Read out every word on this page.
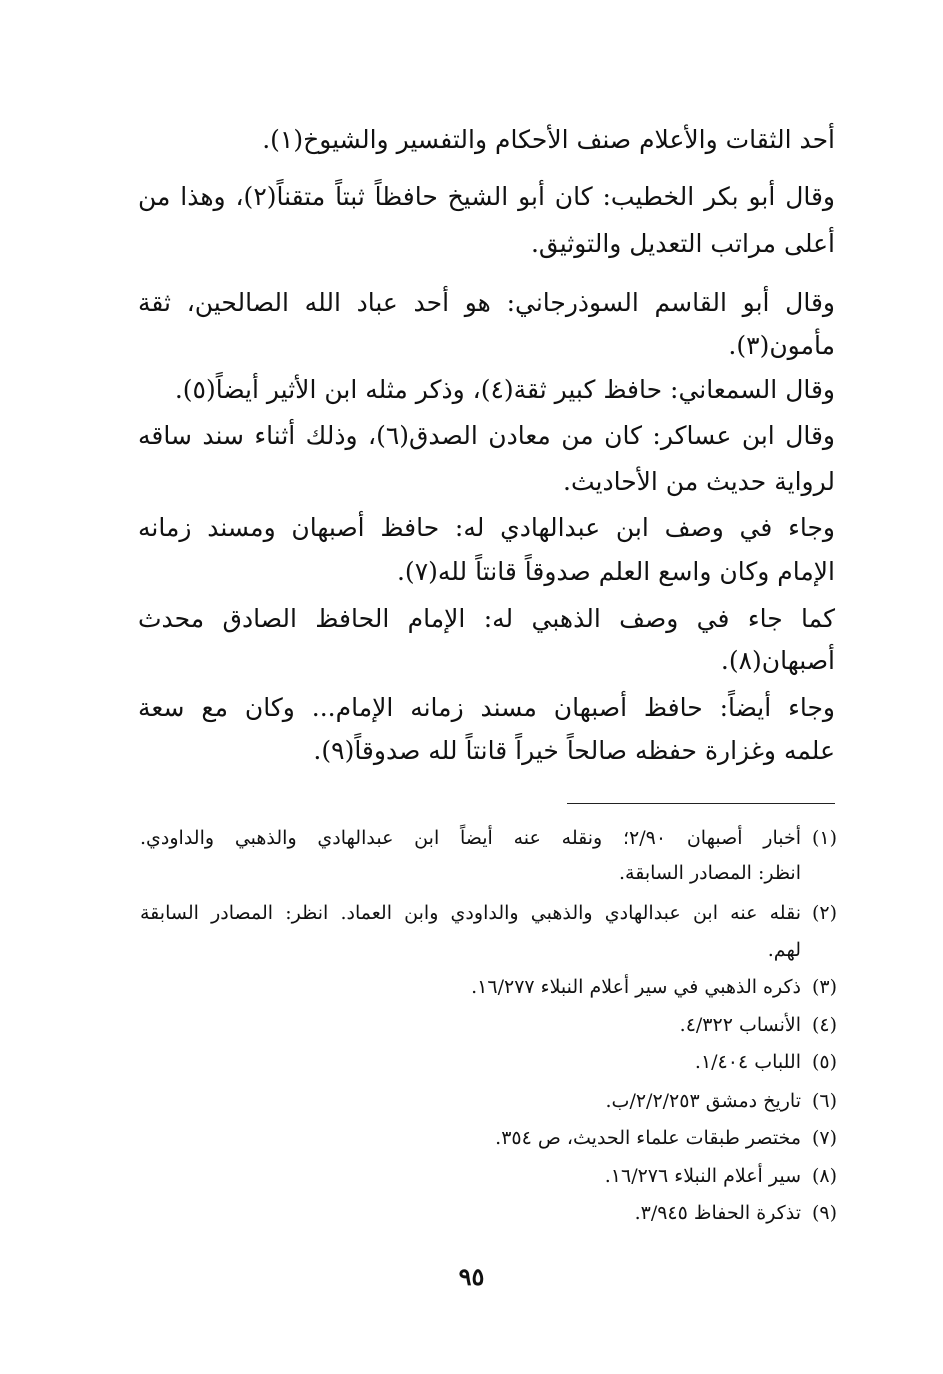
أحد الثقات والأعلام صنف الأحكام والتفسير والشيوخ(١).
وقال أبو بكر الخطيب: كان أبو الشيخ حافظاً ثبتاً متقناً(٢)، وهذا من
أعلى مراتب التعديل والتوثيق.
وقال أبو القاسم السوذرجاني: هو أحد عباد الله الصالحين، ثقة
مأمون(٣).
وقال السمعاني: حافظ كبير ثقة(٤)، وذكر مثله ابن الأثير أيضاً(٥).
وقال ابن عساكر: كان من معادن الصدق(٦)، وذلك أثناء سند ساقه
لرواية حديث من الأحاديث.
وجاء في وصف ابن عبدالهادي له: حافظ أصبهان ومسند زمانه
الإمام وكان واسع العلم صدوقاً قانتاً لله(٧).
كما جاء في وصف الذهبي له: الإمام الحافظ الصادق محدث
أصبهان(٨).
وجاء أيضاً: حافظ أصبهان مسند زمانه الإمام... وكان مع سعة
علمه وغزارة حفظه صالحاً خيراً قانتاً لله صدوقاً(٩).
(١)أخبار أصبهان ٢/٩٠؛ ونقله عنه أيضاً ابن عبدالهادي والذهبي والداودي.
انظر: المصادر السابقة.
(٢)نقله عنه ابن عبدالهادي والذهبي والداودي وابن العماد. انظر: المصادر السابقة
لهم.
(٣)ذكره الذهبي في سير أعلام النبلاء ١٦/٢٧٧.
(٤)الأنساب ٤/٣٢٢.
(٥)اللباب ١/٤٠٤.
(٦)تاريخ دمشق ٢/٢/٢٥٣/ب.
(٧)مختصر طبقات علماء الحديث، ص ٣٥٤.
(٨)سير أعلام النبلاء ١٦/٢٧٦.
(٩)تذكرة الحفاظ ٣/٩٤٥.
٩٥
